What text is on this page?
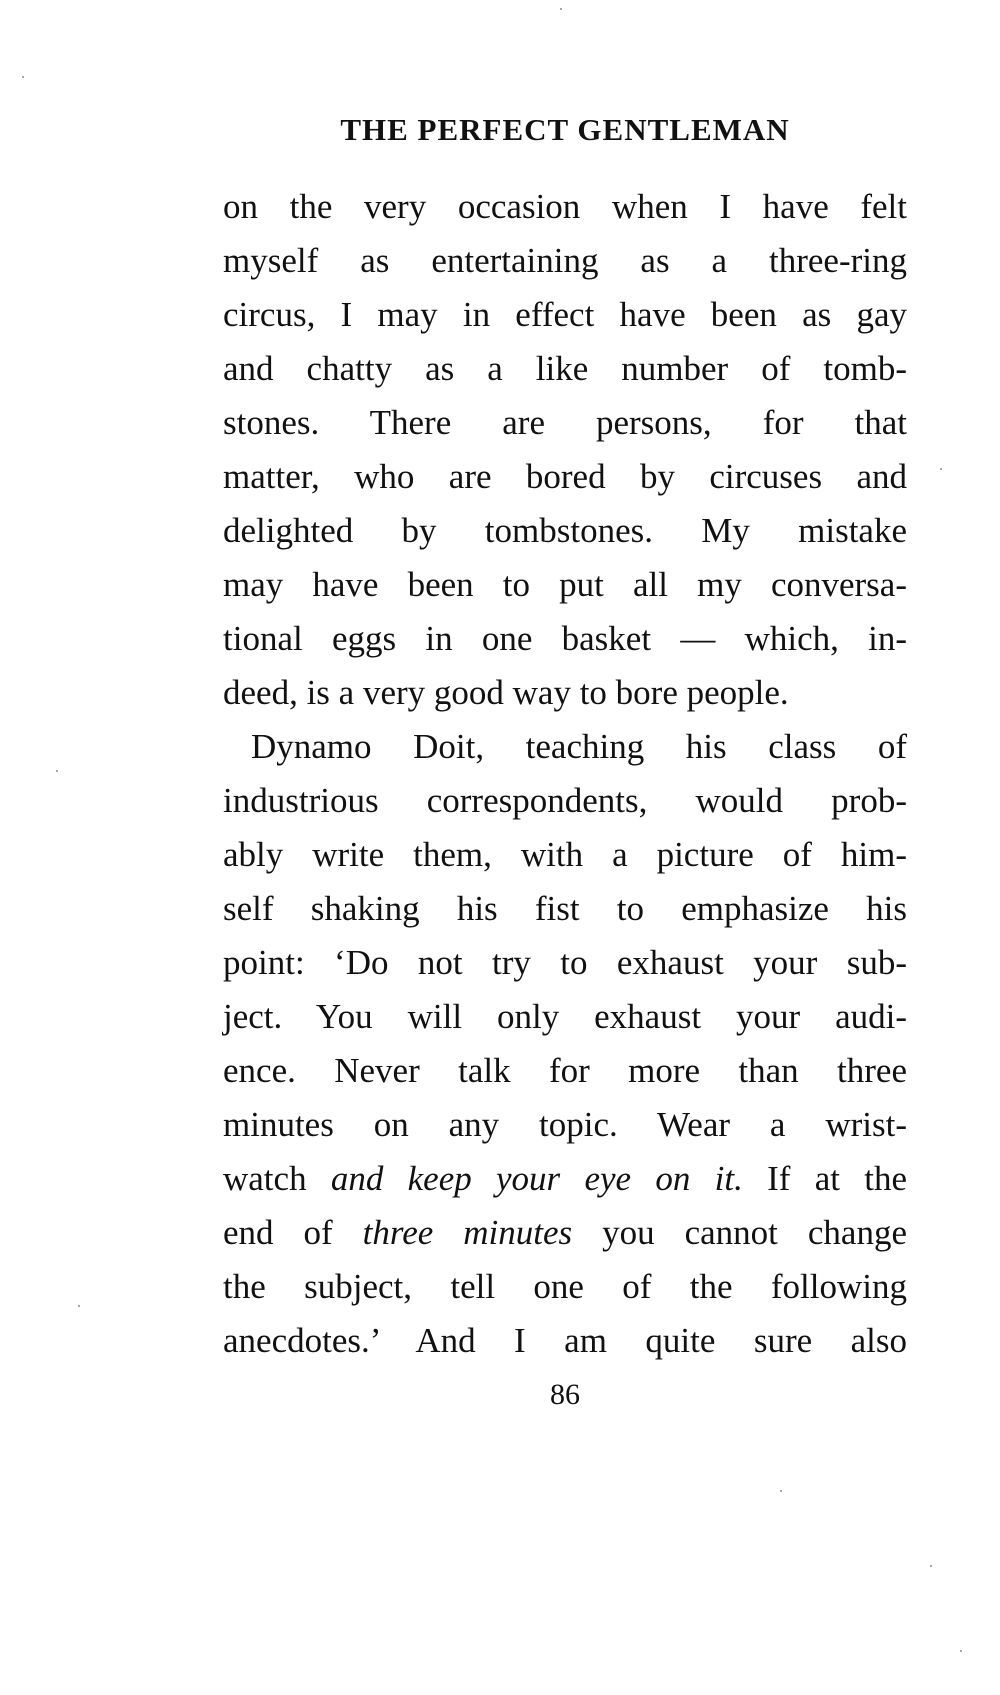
THE PERFECT GENTLEMAN
on the very occasion when I have felt
myself as entertaining as a three-ring
circus, I may in effect have been as gay
and chatty as a like number of tomb-
stones. There are persons, for that
matter, who are bored by circuses and
delighted by tombstones. My mistake
may have been to put all my conversa-
tional eggs in one basket — which, in-
deed, is a very good way to bore people.
Dynamo Doit, teaching his class of
industrious correspondents, would prob-
ably write them, with a picture of him-
self shaking his fist to emphasize his
point: ‘Do not try to exhaust your sub-
ject. You will only exhaust your audi-
ence. Never talk for more than three
minutes on any topic. Wear a wrist-
watch and keep your eye on it. If at the
end of three minutes you cannot change
the subject, tell one of the following
anecdotes.’ And I am quite sure also
86
